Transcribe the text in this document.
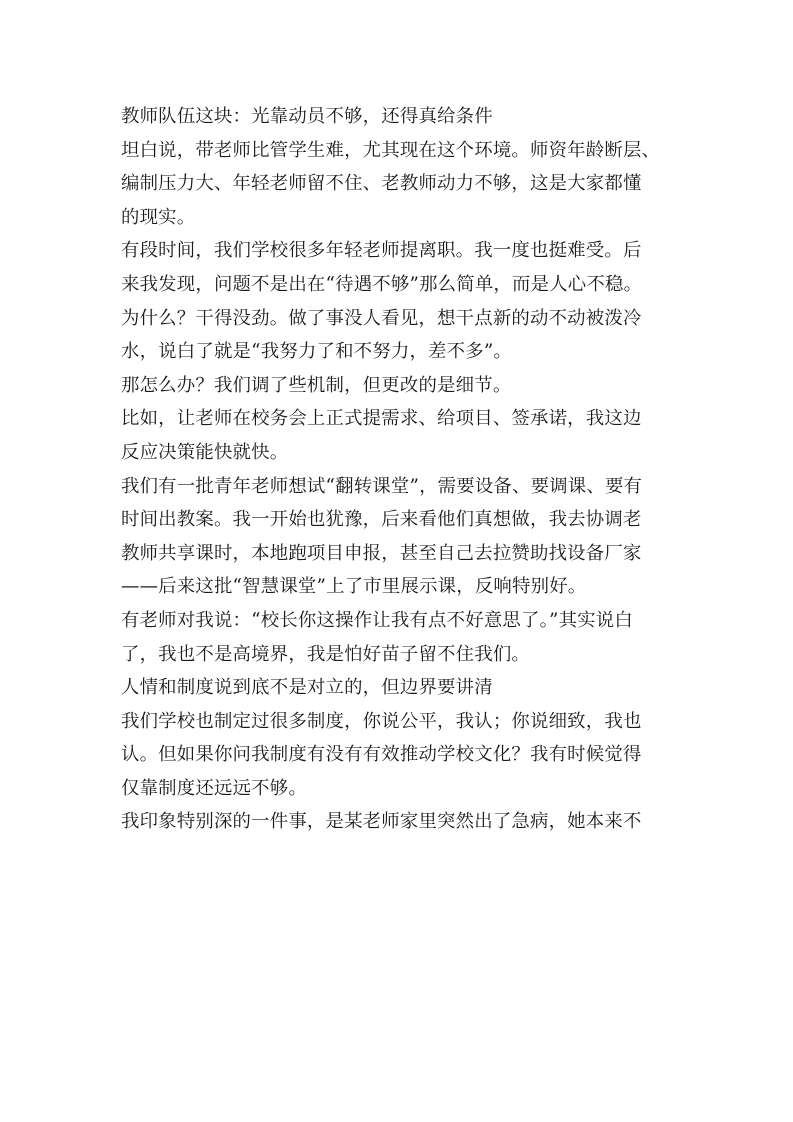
教师队伍这块：光靠动员不够，还得真给条件
坦白说，带老师比管学生难，尤其现在这个环境。师资年龄断层、
编制压力大、年轻老师留不住、老教师动力不够，这是大家都懂
的现实。
有段时间，我们学校很多年轻老师提离职。我一度也挺难受。后
来我发现，问题不是出在“待遇不够”那么简单，而是人心不稳。
为什么？干得没劲。做了事没人看见，想干点新的动不动被泼冷
水，说白了就是“我努力了和不努力，差不多”。
那怎么办？我们调了些机制，但更改的是细节。
比如，让老师在校务会上正式提需求、给项目、签承诺，我这边
反应决策能快就快。
我们有一批青年老师想试“翻转课堂”，需要设备、要调课、要有
时间出教案。我一开始也犹豫，后来看他们真想做，我去协调老
教师共享课时，本地跑项目申报，甚至自己去拉赞助找设备厂家
——后来这批“智慧课堂”上了市里展示课，反响特别好。
有老师对我说：“校长你这操作让我有点不好意思了。”其实说白
了，我也不是高境界，我是怕好苗子留不住我们。
人情和制度说到底不是对立的，但边界要讲清
我们学校也制定过很多制度，你说公平，我认；你说细致，我也
认。但如果你问我制度有没有有效推动学校文化？我有时候觉得
仅靠制度还远远不够。
我印象特别深的一件事，是某老师家里突然出了急病，她本来不
